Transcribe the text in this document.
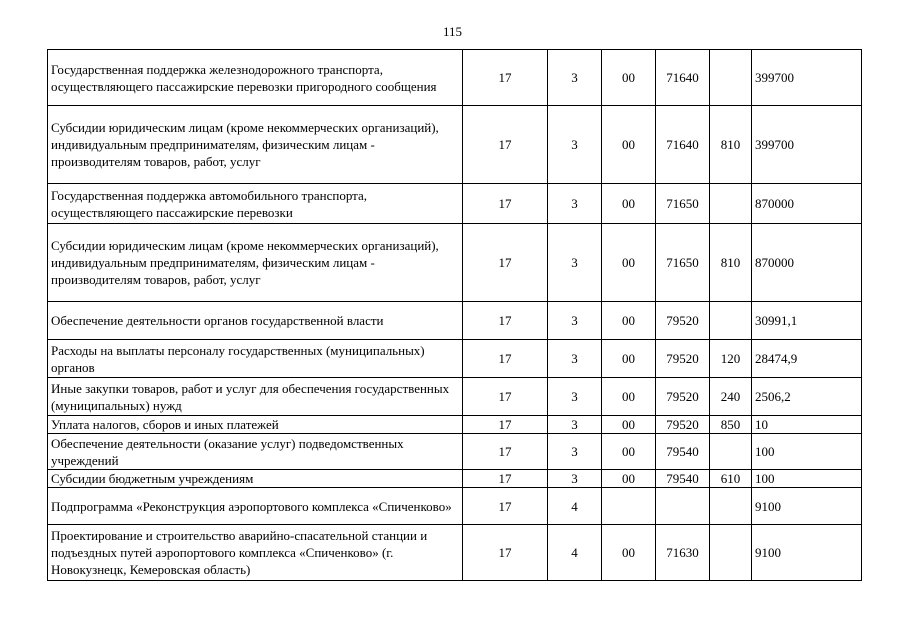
115
Государственная поддержка железнодорожного транспорта, осуществляющего пассажирские перевозки пригородного сообщения	17	3	00	71640		399700
Субсидии юридическим лицам (кроме некоммерческих организаций), индивидуальным предпринимателям, физическим лицам - производителям товаров, работ, услуг	17	3	00	71640	810	399700
Государственная поддержка автомобильного транспорта, осуществляющего пассажирские перевозки	17	3	00	71650		870000
Субсидии юридическим лицам (кроме некоммерческих организаций), индивидуальным предпринимателям, физическим лицам - производителям товаров, работ, услуг	17	3	00	71650	810	870000
Обеспечение деятельности органов государственной власти	17	3	00	79520		30991,1
Расходы на выплаты персоналу государственных (муниципальных) органов	17	3	00	79520	120	28474,9
Иные закупки товаров, работ и услуг для обеспечения государственных (муниципальных) нужд	17	3	00	79520	240	2506,2
Уплата налогов, сборов и иных платежей	17	3	00	79520	850	10
Обеспечение деятельности (оказание услуг) подведомственных учреждений	17	3	00	79540		100
Субсидии бюджетным учреждениям	17	3	00	79540	610	100
Подпрограмма «Реконструкция аэропортового комплекса «Спиченково»	17	4				9100
Проектирование и строительство аварийно-спасательной станции и подъездных путей аэропортового комплекса «Спиченково» (г. Новокузнецк, Кемеровская область)	17	4	00	71630		9100
